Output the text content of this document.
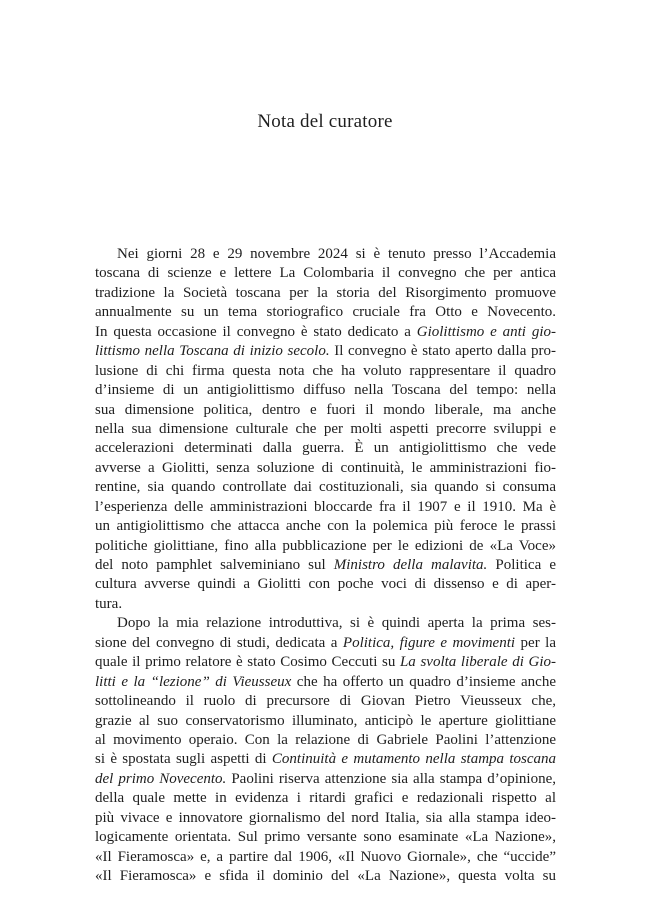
Nota del curatore
Nei giorni 28 e 29 novembre 2024 si è tenuto presso l’Accademia
toscana di scienze e lettere La Colombaria il convegno che per antica
tradizione la Società toscana per la storia del Risorgimento promuove
annualmente su un tema storiografico cruciale fra Otto e Novecento.
In questa occasione il convegno è stato dedicato a Giolittismo e anti gio-
littismo nella Toscana di inizio secolo. Il convegno è stato aperto dalla pro-
lusione di chi firma questa nota che ha voluto rappresentare il quadro
d’insieme di un antigiolittismo diffuso nella Toscana del tempo: nella
sua dimensione politica, dentro e fuori il mondo liberale, ma anche
nella sua dimensione culturale che per molti aspetti precorre sviluppi e
accelerazioni determinati dalla guerra. È un antigiolittismo che vede
avverse a Giolitti, senza soluzione di continuità, le amministrazioni fio-
rentine, sia quando controllate dai costituzionali, sia quando si consuma
l’esperienza delle amministrazioni bloccarde fra il 1907 e il 1910. Ma è
un antigiolittismo che attacca anche con la polemica più feroce le prassi
politiche giolittiane, fino alla pubblicazione per le edizioni de «La Voce»
del noto pamphlet salveminiano sul Ministro della malavita. Politica e
cultura avverse quindi a Giolitti con poche voci di dissenso e di aper-
tura.
Dopo la mia relazione introduttiva, si è quindi aperta la prima ses-
sione del convegno di studi, dedicata a Politica, figure e movimenti per la
quale il primo relatore è stato Cosimo Ceccuti su La svolta liberale di Gio-
litti e la “lezione” di Vieusseux che ha offerto un quadro d’insieme anche
sottolineando il ruolo di precursore di Giovan Pietro Vieusseux che,
grazie al suo conservatorismo illuminato, anticipò le aperture giolittiane
al movimento operaio. Con la relazione di Gabriele Paolini l’attenzione
si è spostata sugli aspetti di Continuità e mutamento nella stampa toscana
del primo Novecento. Paolini riserva attenzione sia alla stampa d’opinione,
della quale mette in evidenza i ritardi grafici e redazionali rispetto al
più vivace e innovatore giornalismo del nord Italia, sia alla stampa ideo-
logicamente orientata. Sul primo versante sono esaminate «La Nazione»,
«Il Fieramosca» e, a partire dal 1906, «Il Nuovo Giornale», che “uccide”
«Il Fieramosca» e sfida il dominio del «La Nazione», questa volta su
